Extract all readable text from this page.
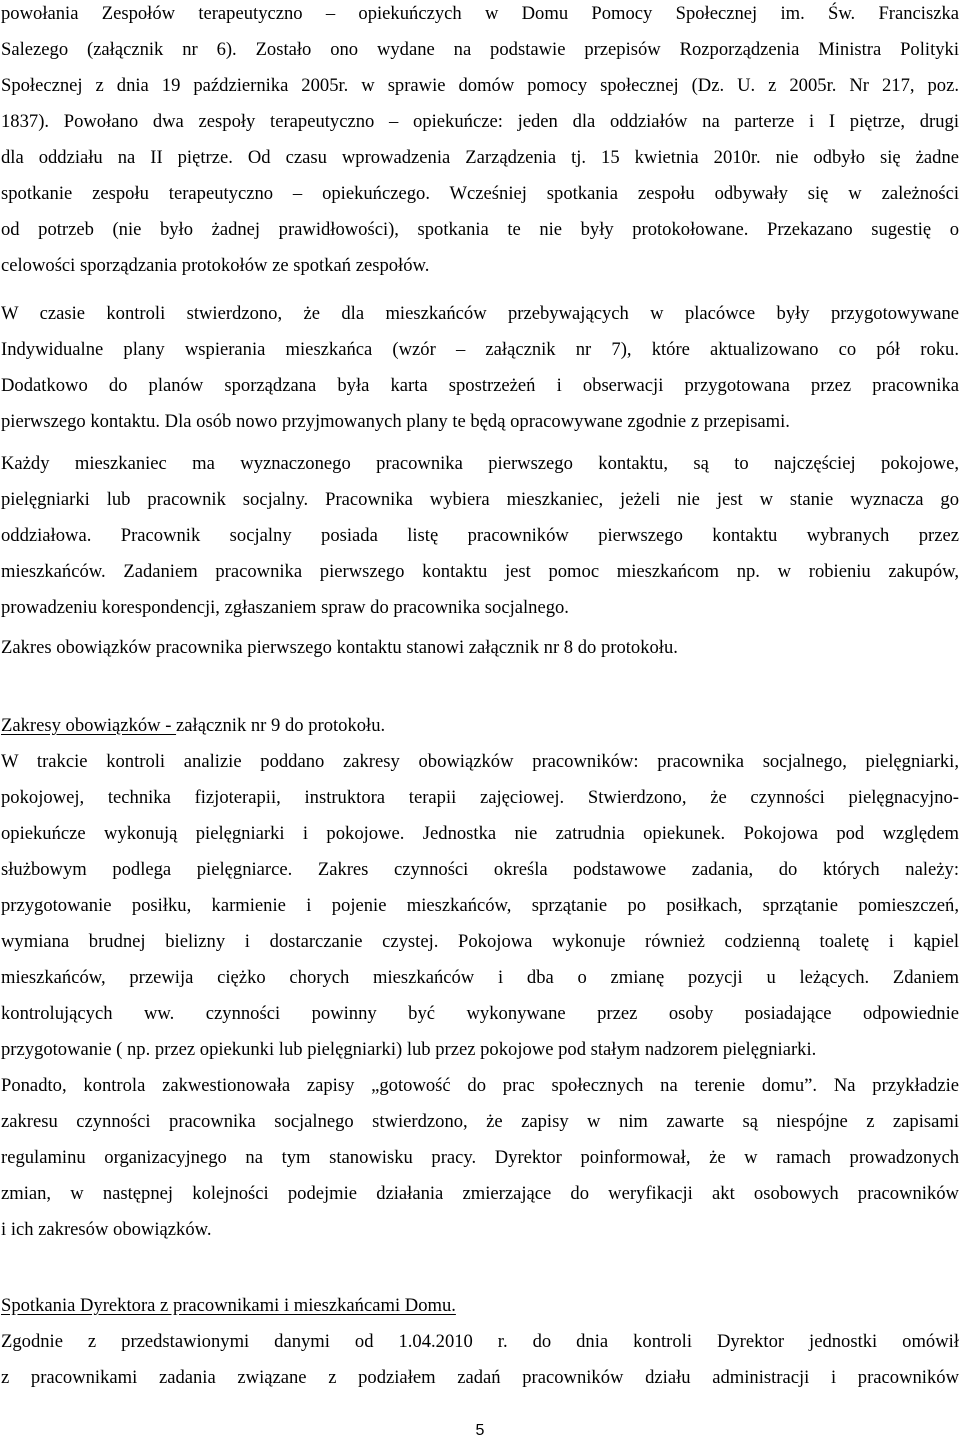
powołania Zespołów terapeutyczno – opiekuńczych w Domu Pomocy Społecznej im. Św. Franciszka
Salezego (załącznik nr 6). Zostało ono wydane na podstawie przepisów Rozporządzenia Ministra Polityki
Społecznej z dnia 19 października 2005r. w sprawie domów pomocy społecznej (Dz. U. z 2005r. Nr 217, poz.
1837). Powołano dwa zespoły terapeutyczno – opiekuńcze: jeden dla oddziałów na parterze i I piętrze, drugi
dla oddziału na II piętrze. Od czasu wprowadzenia Zarządzenia tj. 15 kwietnia 2010r. nie odbyło się żadne
spotkanie zespołu terapeutyczno – opiekuńczego. Wcześniej spotkania zespołu odbywały się w zależności
od potrzeb (nie było żadnej prawidłowości), spotkania te nie były protokołowane. Przekazano sugestię o
celowości sporządzania protokołów ze spotkań zespołów.
W czasie kontroli stwierdzono, że dla mieszkańców przebywających w placówce były przygotowywane
Indywidualne plany wspierania mieszkańca (wzór – załącznik nr 7), które aktualizowano co pół roku.
Dodatkowo do planów sporządzana była karta spostrzeżeń i obserwacji przygotowana przez pracownika
pierwszego kontaktu. Dla osób nowo przyjmowanych plany te będą opracowywane zgodnie z przepisami.
Każdy mieszkaniec ma wyznaczonego pracownika pierwszego kontaktu, są to najczęściej pokojowe,
pielęgniarki lub pracownik socjalny. Pracownika wybiera mieszkaniec, jeżeli nie jest w stanie wyznacza go
oddziałowa. Pracownik socjalny posiada listę pracowników pierwszego kontaktu wybranych przez
mieszkańców. Zadaniem pracownika pierwszego kontaktu jest pomoc mieszkańcom np. w robieniu zakupów,
prowadzeniu korespondencji, zgłaszaniem spraw do pracownika socjalnego.
Zakres obowiązków pracownika pierwszego kontaktu stanowi załącznik nr 8 do protokołu.
Zakresy obowiązków - załącznik nr 9 do protokołu.
W trakcie kontroli analizie poddano zakresy obowiązków pracowników: pracownika socjalnego, pielęgniarki,
pokojowej, technika fizjoterapii, instruktora terapii zajęciowej. Stwierdzono, że czynności pielęgnacyjno-
opiekuńcze wykonują pielęgniarki i pokojowe. Jednostka nie zatrudnia opiekunek. Pokojowa pod względem
służbowym podlega pielęgniarce. Zakres czynności określa podstawowe zadania, do których należy:
przygotowanie posiłku, karmienie i pojenie mieszkańców, sprzątanie po posiłkach, sprzątanie pomieszczeń,
wymiana brudnej bielizny i dostarczanie czystej. Pokojowa wykonuje również codzienną toaletę i kąpiel
mieszkańców, przewija ciężko chorych mieszkańców i dba o zmianę pozycji u leżących. Zdaniem
kontrolujących ww. czynności powinny być wykonywane przez osoby posiadające odpowiednie
przygotowanie ( np. przez opiekunki lub pielęgniarki) lub przez pokojowe pod stałym nadzorem pielęgniarki.
Ponadto, kontrola zakwestionowała zapisy „gotowość do prac społecznych na terenie domu”. Na przykładzie
zakresu czynności pracownika socjalnego stwierdzono, że zapisy w nim zawarte są niespójne z zapisami
regulaminu organizacyjnego na tym stanowisku pracy. Dyrektor poinformował, że w ramach prowadzonych
zmian, w następnej kolejności podejmie działania zmierzające do weryfikacji akt osobowych pracowników
i ich zakresów obowiązków.
Spotkania Dyrektora z pracownikami i mieszkańcami Domu.
Zgodnie z przedstawionymi danymi od 1.04.2010 r. do dnia kontroli Dyrektor jednostki omówił
z pracownikami zadania związane z podziałem zadań pracowników działu administracji i pracowników
5
